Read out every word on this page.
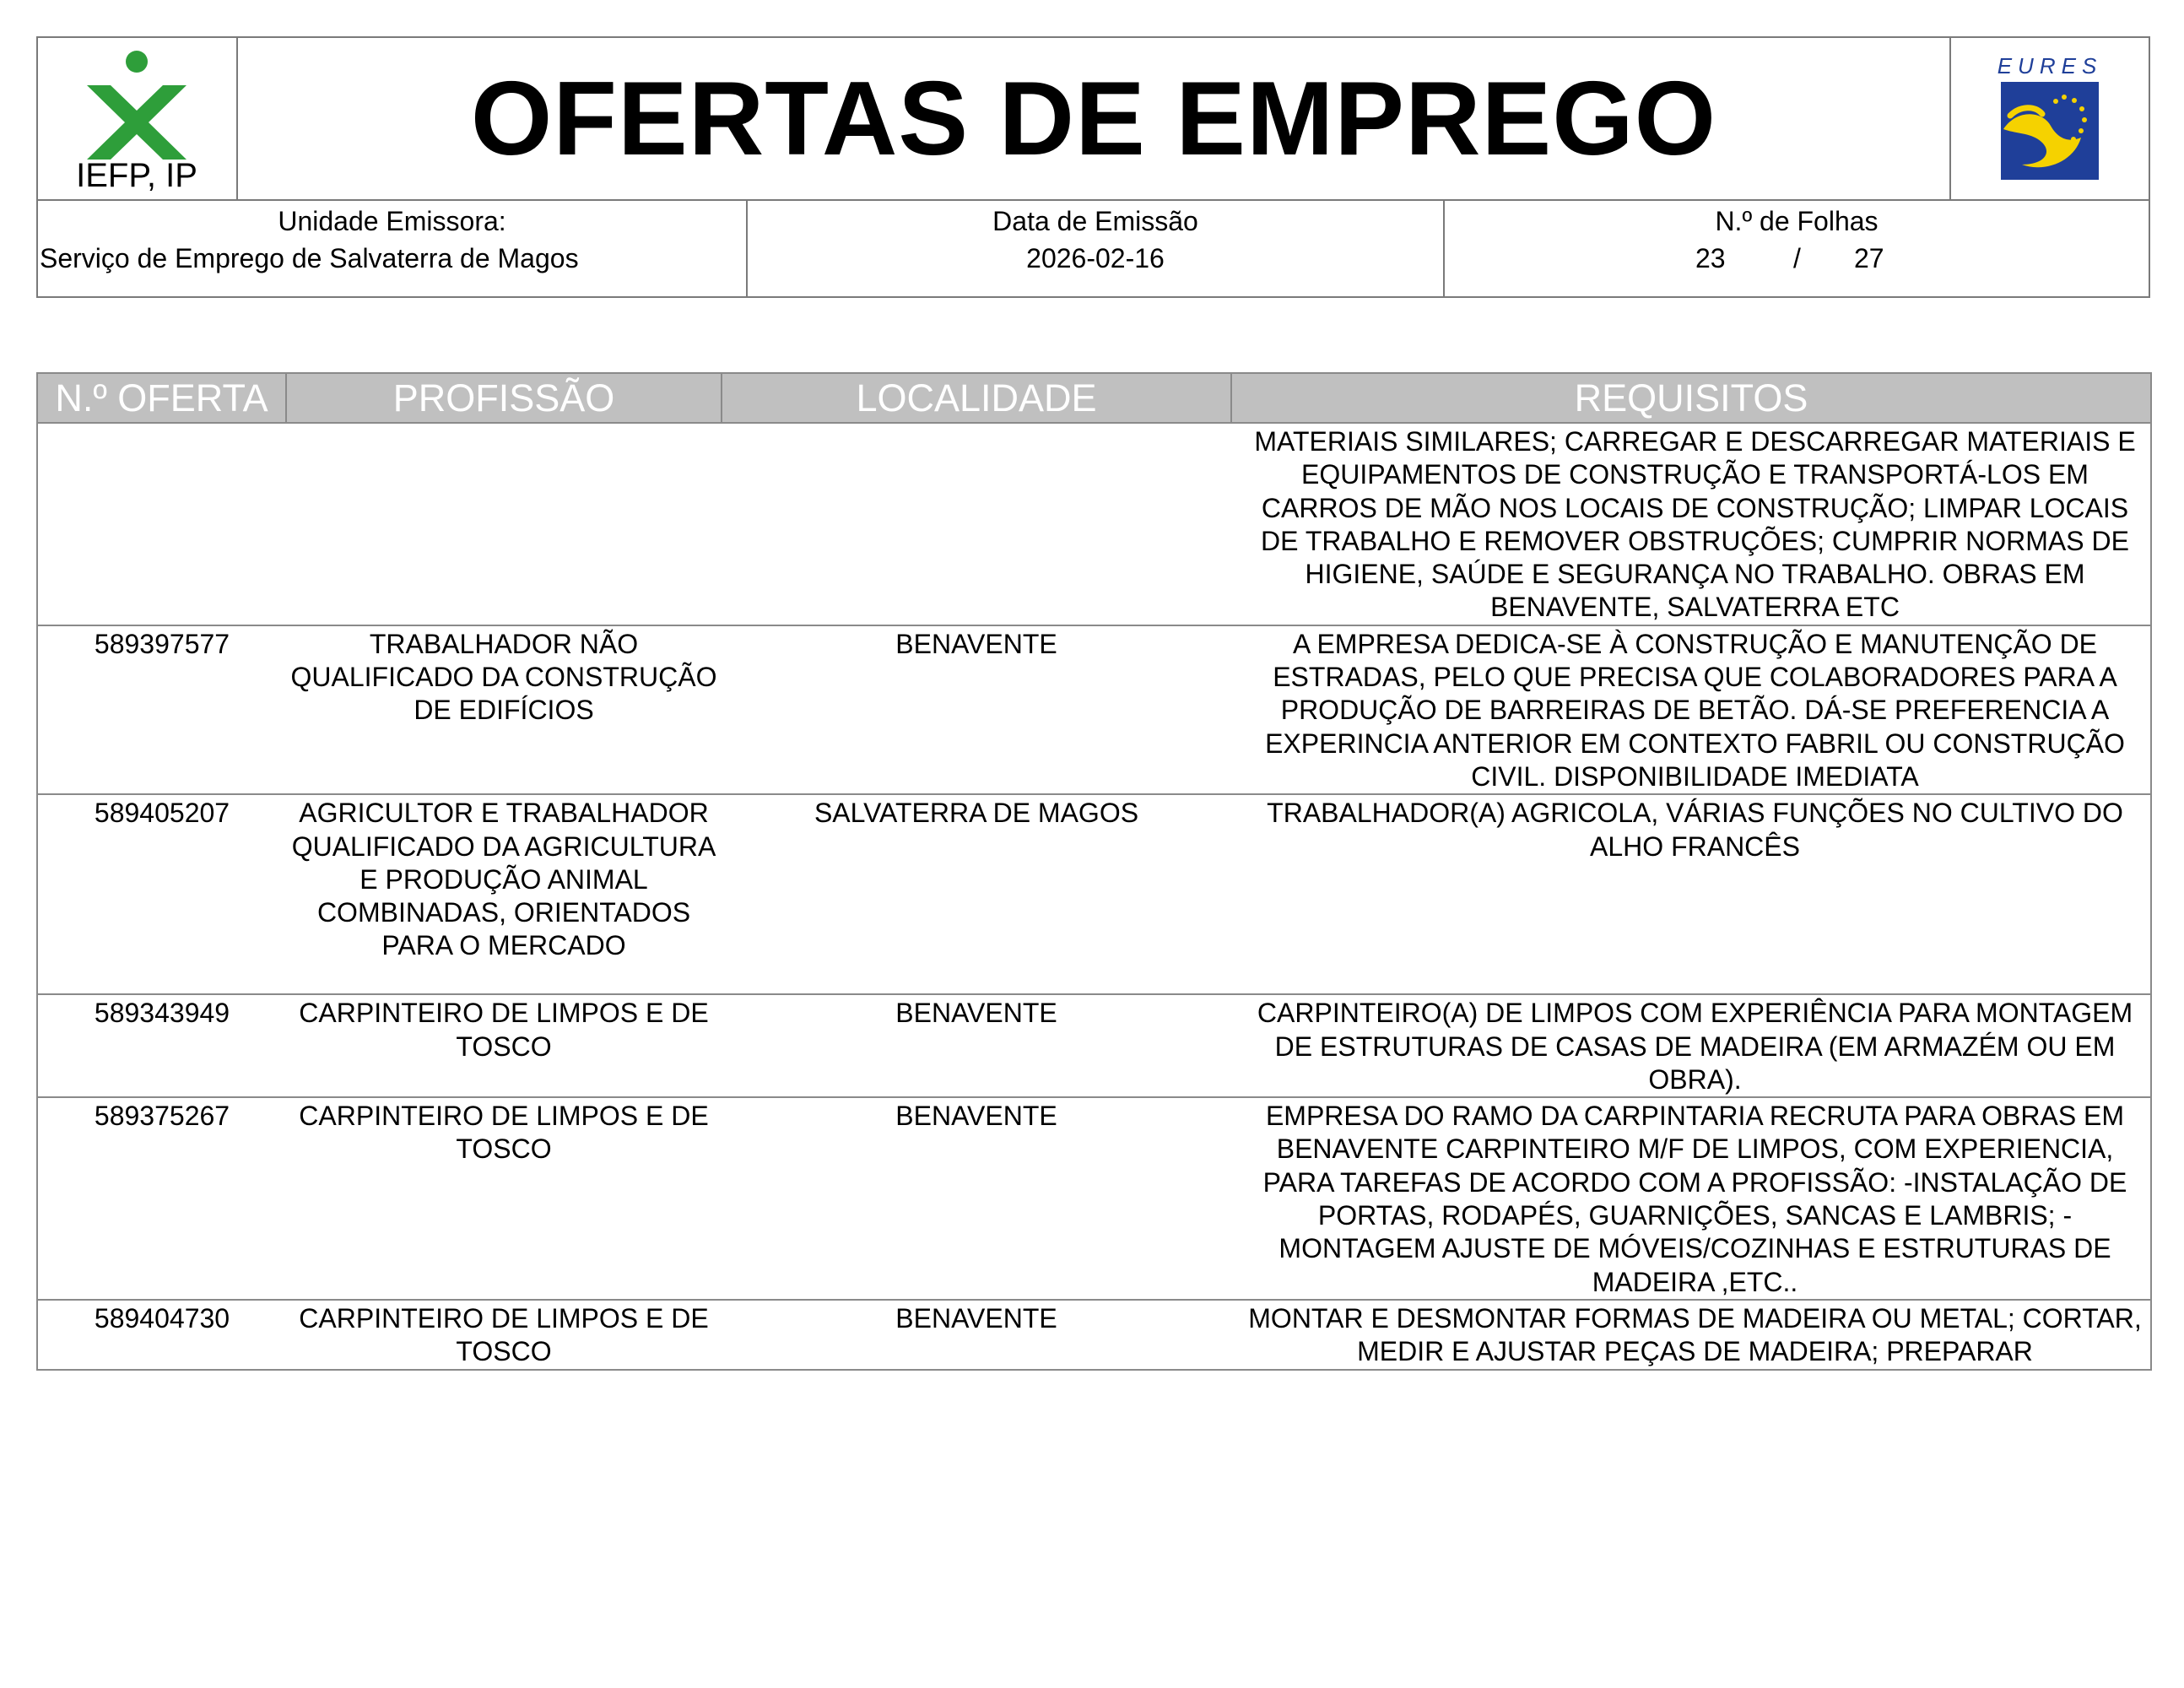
IEFP, IP	OFERTAS DE EMPREGO	EURES
Unidade Emissora:
Serviço de Emprego de Salvaterra de Magos
Data de Emissão
2026-02-16
N.º de Folhas
23	/ 27
N.º OFERTA	PROFISSÃO	LOCALIDADE	REQUISITOS
			MATERIAIS SIMILARES; CARREGAR E DESCARREGAR MATERIAIS E EQUIPAMENTOS DE CONSTRUÇÃO E TRANSPORTÁ-LOS EM CARROS DE MÃO NOS LOCAIS DE CONSTRUÇÃO; LIMPAR LOCAIS DE TRABALHO E REMOVER OBSTRUÇÕES; CUMPRIR NORMAS DE HIGIENE, SAÚDE E SEGURANÇA NO TRABALHO. OBRAS EM BENAVENTE, SALVATERRA ETC
589397577	TRABALHADOR NÃO QUALIFICADO DA CONSTRUÇÃO DE EDIFÍCIOS	BENAVENTE	A EMPRESA DEDICA-SE À CONSTRUÇÃO E MANUTENÇÃO DE ESTRADAS, PELO QUE PRECISA QUE COLABORADORES PARA A PRODUÇÃO DE BARREIRAS DE BETÃO. DÁ-SE PREFERENCIA A EXPERINCIA ANTERIOR EM CONTEXTO FABRIL OU CONSTRUÇÃO CIVIL. DISPONIBILIDADE IMEDIATA
589405207	AGRICULTOR E TRABALHADOR QUALIFICADO DA AGRICULTURA E PRODUÇÃO ANIMAL COMBINADAS, ORIENTADOS PARA O MERCADO	SALVATERRA DE MAGOS	TRABALHADOR(A) AGRICOLA, VÁRIAS FUNÇÕES NO CULTIVO DO ALHO FRANCÊS
589343949	CARPINTEIRO DE LIMPOS E DE TOSCO	BENAVENTE	CARPINTEIRO(A) DE LIMPOS COM EXPERIÊNCIA PARA MONTAGEM DE ESTRUTURAS DE CASAS DE MADEIRA (EM ARMAZÉM OU EM OBRA).
589375267	CARPINTEIRO DE LIMPOS E DE TOSCO	BENAVENTE	EMPRESA DO RAMO DA CARPINTARIA RECRUTA PARA OBRAS EM BENAVENTE CARPINTEIRO M/F DE LIMPOS, COM EXPERIENCIA, PARA TAREFAS DE ACORDO COM A PROFISSÃO: -INSTALAÇÃO DE PORTAS, RODAPÉS, GUARNIÇÕES, SANCAS E LAMBRIS; -MONTAGEM AJUSTE DE MÓVEIS/COZINHAS E ESTRUTURAS DE MADEIRA ,ETC..
589404730	CARPINTEIRO DE LIMPOS E DE TOSCO	BENAVENTE	MONTAR E DESMONTAR FORMAS DE MADEIRA OU METAL; CORTAR, MEDIR E AJUSTAR PEÇAS DE MADEIRA; PREPARAR
